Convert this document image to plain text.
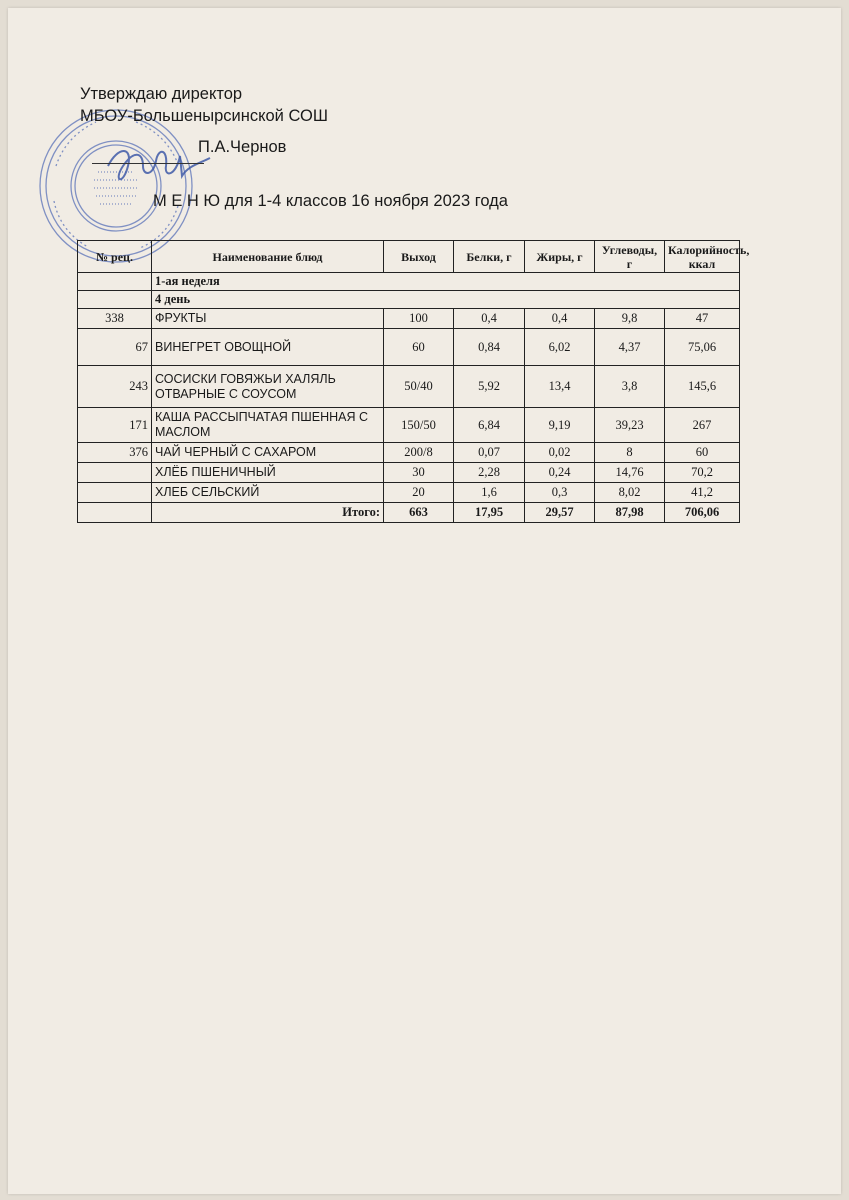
Утверждаю директор
МБОУ-Большенырсинской СОШ
П.А.Чернов
М Е Н Ю для 1-4 классов 16 ноября 2023 года
№ рец.	Наименование блюд	Выход	Белки, г	Жиры, г	Углеводы, г	Калорийность, ккал
	1-ая неделя					
	4 день					
338	ФРУКТЫ	100	0,4	0,4	9,8	47
67	ВИНЕГРЕТ ОВОЩНОЙ	60	0,84	6,02	4,37	75,06
243	СОСИСКИ ГОВЯЖЬИ ХАЛЯЛЬ ОТВАРНЫЕ С СОУСОМ	50/40	5,92	13,4	3,8	145,6
171	КАША РАССЫПЧАТАЯ ПШЕННАЯ С МАСЛОМ	150/50	6,84	9,19	39,23	267
376	ЧАЙ ЧЕРНЫЙ С САХАРОМ	200/8	0,07	0,02	8	60
	ХЛЁБ ПШЕНИЧНЫЙ	30	2,28	0,24	14,76	70,2
	ХЛЕБ СЕЛЬСКИЙ	20	1,6	0,3	8,02	41,2
	Итого:	663	17,95	29,57	87,98	706,06
